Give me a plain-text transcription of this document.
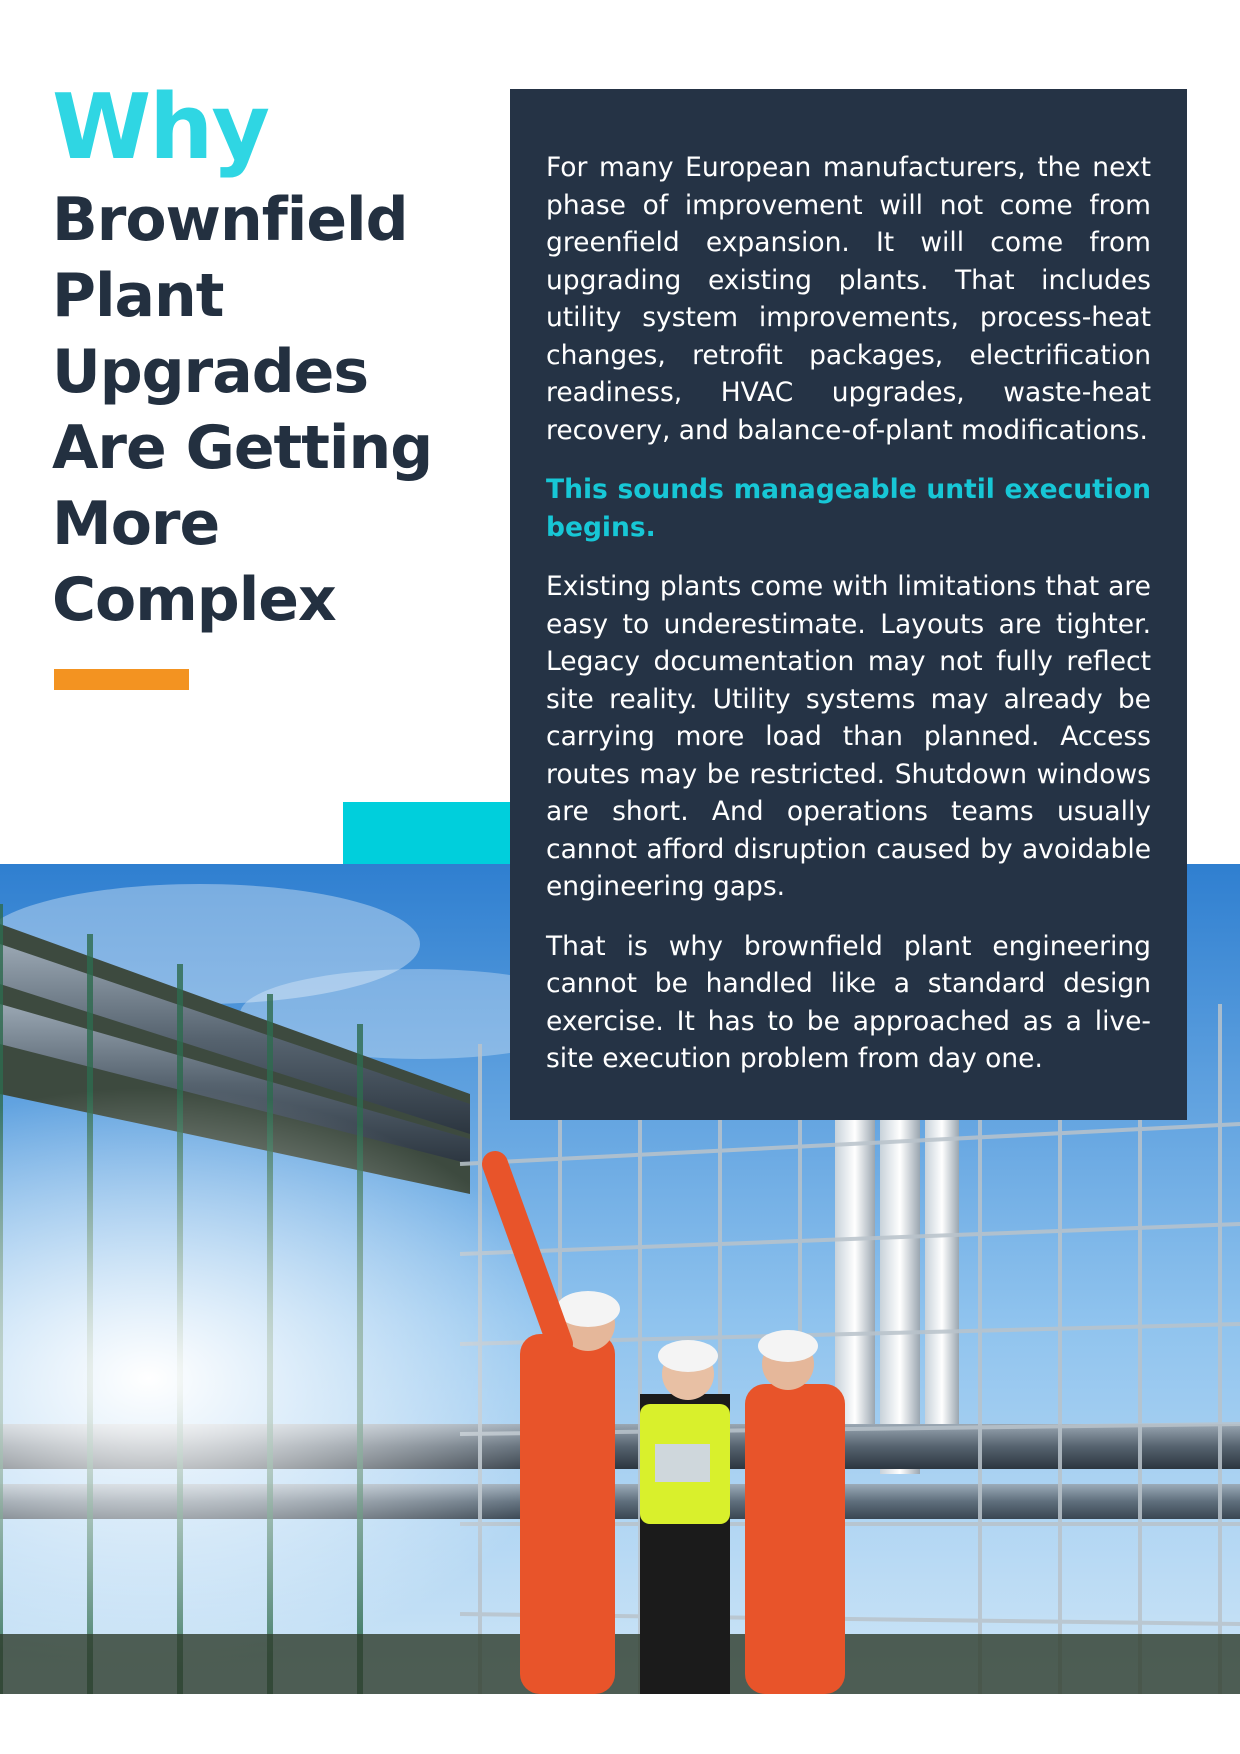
Why
Brownfield
Plant
Upgrades
Are Getting
More
Complex

For many European manufacturers, the next phase of improvement will not come from greenfield expansion. It will come from upgrading existing plants. That includes utility system improvements, process-heat changes, retrofit packages, electrification readiness, HVAC upgrades, waste-heat recovery, and balance-of-plant modifications.

This sounds manageable until execution begins.

Existing plants come with limitations that are easy to underestimate. Layouts are tighter. Legacy documentation may not fully reflect site reality. Utility systems may already be carrying more load than planned. Access routes may be restricted. Shutdown windows are short. And operations teams usually cannot afford disruption caused by avoidable engineering gaps.

That is why brownfield plant engineering cannot be handled like a standard design exercise. It has to be approached as a live-site execution problem from day one.
